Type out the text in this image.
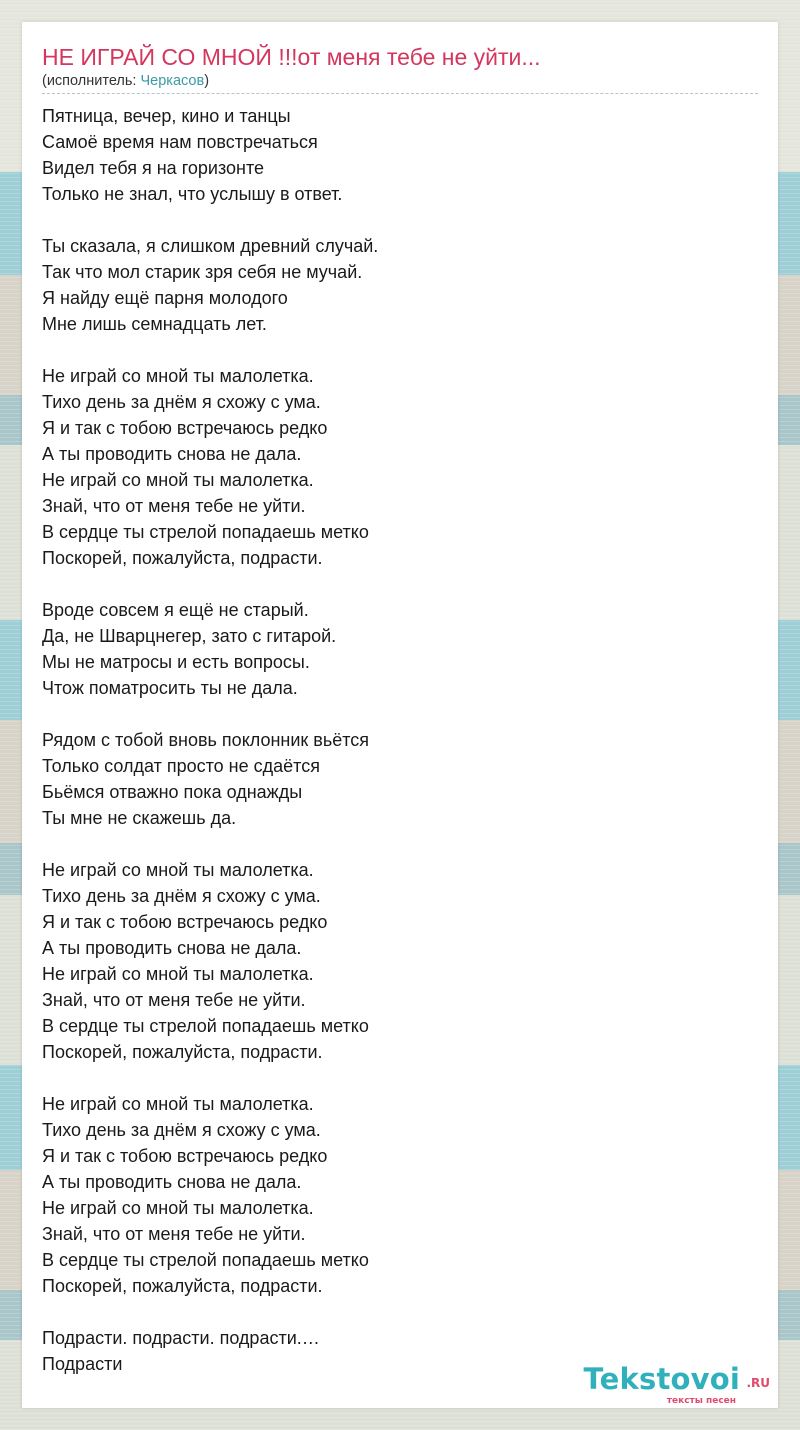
НЕ ИГРАЙ СО МНОЙ !!!от меня тебе не уйти...
(исполнитель: Черкасов)
Пятница, вечер, кино и танцы
Самоё время нам повстречаться
Видел тебя я на горизонте
Только не знал, что услышу в ответ.
Ты сказала, я слишком древний случай.
Так что мол старик зря себя не мучай.
Я найду ещё парня молодого
Мне лишь семнадцать лет.
Не играй со мной ты малолетка.
Тихо день за днём я схожу с ума.
Я и так с тобою встречаюсь редко
А ты проводить снова не дала.
Не играй со мной ты малолетка.
Знай, что от меня тебе не уйти.
В сердце ты стрелой попадаешь метко
Поскорей, пожалуйста, подрасти.
Вроде совсем я ещё не старый.
Да, не Шварцнегер, зато с гитарой.
Мы не матросы и есть вопросы.
Чтож поматросить ты не дала.
Рядом с тобой вновь поклонник вьётся
Только солдат просто не сдаётся
Бьёмся отважно пока однажды
Ты мне не скажешь да.
Не играй со мной ты малолетка.
Тихо день за днём я схожу с ума.
Я и так с тобою встречаюсь редко
А ты проводить снова не дала.
Не играй со мной ты малолетка.
Знай, что от меня тебе не уйти.
В сердце ты стрелой попадаешь метко
Поскорей, пожалуйста, подрасти.
Не играй со мной ты малолетка.
Тихо день за днём я схожу с ума.
Я и так с тобою встречаюсь редко
А ты проводить снова не дала.
Не играй со мной ты малолетка.
Знай, что от меня тебе не уйти.
В сердце ты стрелой попадаешь метко
Поскорей, пожалуйста, подрасти.
Подрасти. подрасти. подрасти.…
Подрасти	Tekstovoi .RU
тексты песен
